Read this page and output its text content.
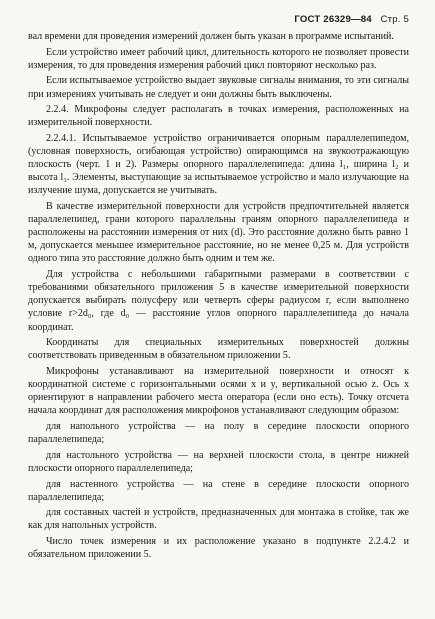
ГОСТ 26329—84 Стр. 5

вал времени для проведения измерений должен быть указан в программе испытаний.

Если устройство имеет рабочий цикл, длительность которого не позволяет провести измерения, то для проведения измерения рабочий цикл повторяют несколько раз.

Если испытываемое устройство выдает звуковые сигналы внимания, то эти сигналы при измерениях учитывать не следует и они должны быть выключены.

2.2.4. Микрофоны следует располагать в точках измерения, расположенных на измерительной поверхности.

2.2.4.1. Испытываемое устройство ограничивается опорным параллелепипедом, (условная поверхность, огибающая устройство) опирающимся на звукоотражающую плоскость (черт. 1 и 2). Размеры опорного параллелепипеда: длина l₁, ширина l₂ и высота l₃. Элементы, выступающие за испытываемое устройство и мало излучающие на излучение шума, допускается не учитывать.

В качестве измерительной поверхности для устройств предпочтительней является параллелепипед, грани которого параллельны граням опорного параллелепипеда и расположены на расстоянии измерения от них (d). Это расстояние должно быть равно 1 м, допускается меньшее измерительное расстояние, но не менее 0,25 м. Для устройств одного типа это расстояние должно быть одним и тем же.

Для устройства с небольшими габаритными размерами в соответствии с требованиями обязательного приложения 5 в качестве измерительной поверхности допускается выбирать полусферу или четверть сферы радиусом r, если выполнено условие r>2d₀, где d₀ — расстояние углов опорного параллелепипеда до начала координат.

Координаты для специальных измерительных поверхностей должны соответствовать приведенным в обязательном приложении 5.

Микрофоны устанавливают на измерительной поверхности и относят к координатной системе с горизонтальными осями x и y, вертикальной осью z. Ось x ориентируют в направлении рабочего места оператора (если оно есть). Точку отсчета начала координат для расположения микрофонов устанавливают следующим образом:

для напольного устройства — на полу в середине плоскости опорного параллелепипеда;

для настольного устройства — на верхней плоскости стола, в центре нижней плоскости опорного параллелепипеда;

для настенного устройства — на стене в середине плоскости опорного параллелепипеда;

для составных частей и устройств, предназначенных для монтажа в стойке, так же как для напольных устройств.

Число точек измерения и их расположение указано в подпункте 2.2.4.2 и обязательном приложении 5.
